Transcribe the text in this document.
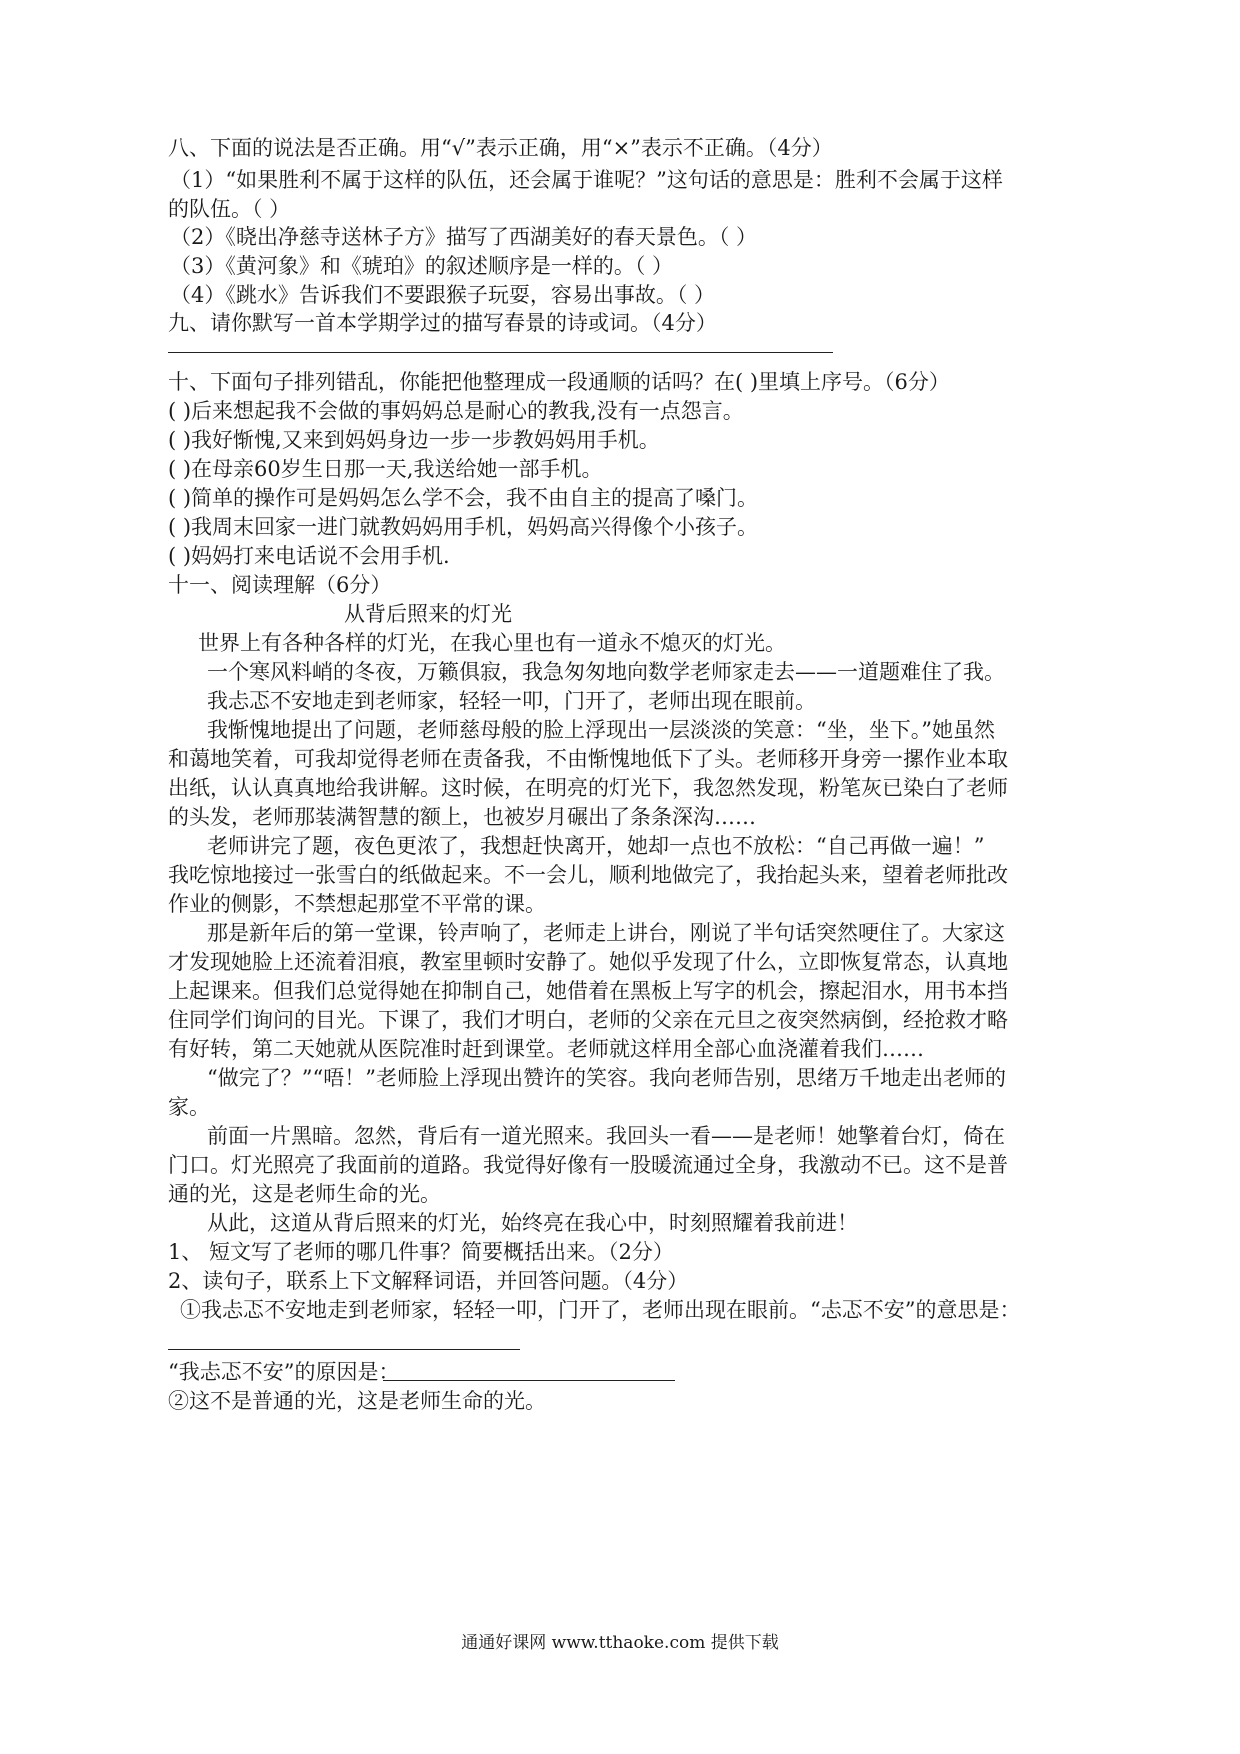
八、下面的说法是否正确。用“√”表示正确，用“×”表示不正确。（4分）
（1）“如果胜利不属于这样的队伍，还会属于谁呢？”这句话的意思是：胜利不会属于这样
的队伍。（ ）
（2）《晓出净慈寺送林子方》描写了西湖美好的春天景色。（ ）
（3）《黄河象》和《琥珀》的叙述顺序是一样的。（ ）
（4）《跳水》告诉我们不要跟猴子玩耍，容易出事故。（ ）
九、请你默写一首本学期学过的描写春景的诗或词。（4分）
十、下面句子排列错乱，你能把他整理成一段通顺的话吗？在( )里填上序号。（6分）
( )后来想起我不会做的事妈妈总是耐心的教我,没有一点怨言。
( )我好惭愧,又来到妈妈身边一步一步教妈妈用手机。
( )在母亲60岁生日那一天,我送给她一部手机。
( )简单的操作可是妈妈怎么学不会，我不由自主的提高了嗓门。
( )我周末回家一进门就教妈妈用手机，妈妈高兴得像个小孩子。
( )妈妈打来电话说不会用手机.
十一、阅读理解（6分）
从背后照来的灯光
世界上有各种各样的灯光，在我心里也有一道永不熄灭的灯光。
一个寒风料峭的冬夜，万籁俱寂，我急匆匆地向数学老师家走去——一道题难住了我。
我忐忑不安地走到老师家，轻轻一叩，门开了，老师出现在眼前。
我惭愧地提出了问题，老师慈母般的脸上浮现出一层淡淡的笑意：“坐，坐下。”她虽然
和蔼地笑着，可我却觉得老师在责备我，不由惭愧地低下了头。老师移开身旁一摞作业本取
出纸，认认真真地给我讲解。这时候，在明亮的灯光下，我忽然发现，粉笔灰已染白了老师
的头发，老师那装满智慧的额上，也被岁月碾出了条条深沟……
老师讲完了题，夜色更浓了，我想赶快离开，她却一点也不放松：“自己再做一遍！”
我吃惊地接过一张雪白的纸做起来。不一会儿，顺利地做完了，我抬起头来，望着老师批改
作业的侧影，不禁想起那堂不平常的课。
那是新年后的第一堂课，铃声响了，老师走上讲台，刚说了半句话突然哽住了。大家这
才发现她脸上还流着泪痕，教室里顿时安静了。她似乎发现了什么，立即恢复常态，认真地
上起课来。但我们总觉得她在抑制自己，她借着在黑板上写字的机会，擦起泪水，用书本挡
住同学们询问的目光。下课了，我们才明白，老师的父亲在元旦之夜突然病倒，经抢救才略
有好转，第二天她就从医院准时赶到课堂。老师就这样用全部心血浇灌着我们……
“做完了？”“唔！”老师脸上浮现出赞许的笑容。我向老师告别，思绪万千地走出老师的
家。
前面一片黑暗。忽然，背后有一道光照来。我回头一看——是老师！她擎着台灯，倚在
门口。灯光照亮了我面前的道路。我觉得好像有一股暖流通过全身，我激动不已。这不是普
通的光，这是老师生命的光。
从此，这道从背后照来的灯光，始终亮在我心中，时刻照耀着我前进！
1、 短文写了老师的哪几件事？简要概括出来。（2分）
2、读句子，联系上下文解释词语，并回答问题。（4分）
①我忐忑不安地走到老师家，轻轻一叩，门开了，老师出现在眼前。“忐忑不安”的意思是：
“我忐忑不安”的原因是：
②这不是普通的光，这是老师生命的光。
通通好课网 www.tthaoke.com 提供下载
